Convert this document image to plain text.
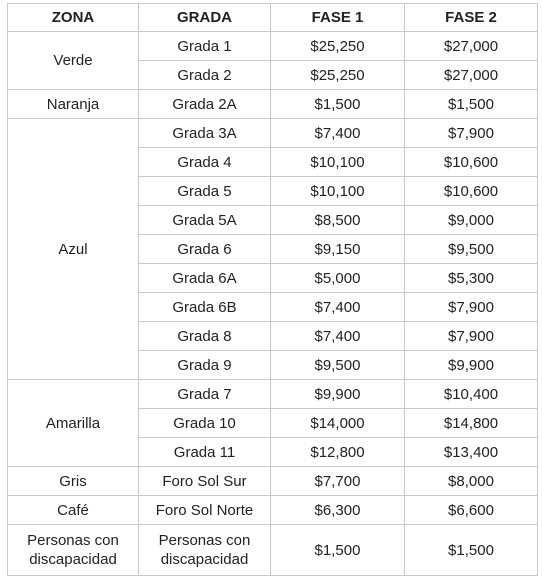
ZONA	GRADA	FASE 1	FASE 2
Verde	Grada 1	$25,250	$27,000
	Grada 2	$25,250	$27,000
Naranja	Grada 2A	$1,500	$1,500
Azul	Grada 3A	$7,400	$7,900
	Grada 4	$10,100	$10,600
	Grada 5	$10,100	$10,600
	Grada 5A	$8,500	$9,000
	Grada 6	$9,150	$9,500
	Grada 6A	$5,000	$5,300
	Grada 6B	$7,400	$7,900
	Grada 8	$7,400	$7,900
	Grada 9	$9,500	$9,900
Amarilla	Grada 7	$9,900	$10,400
	Grada 10	$14,000	$14,800
	Grada 11	$12,800	$13,400
Gris	Foro Sol Sur	$7,700	$8,000
Café	Foro Sol Norte	$6,300	$6,600
Personas con discapacidad	Personas con discapacidad	$1,500	$1,500
